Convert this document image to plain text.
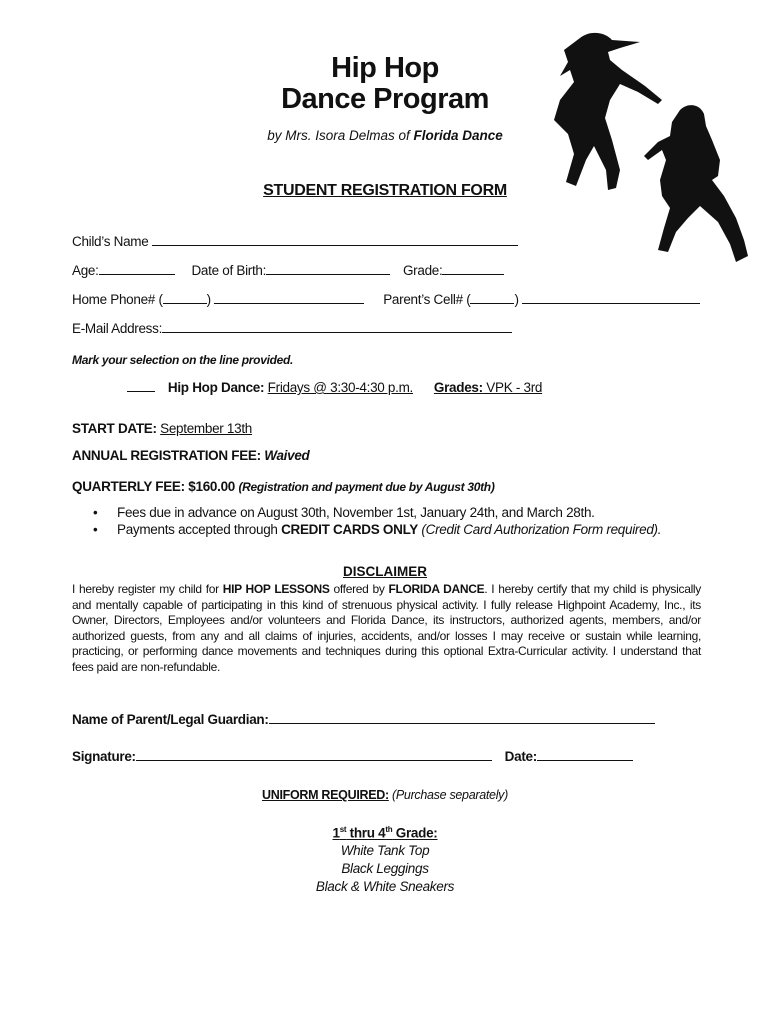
Hip Hop
Dance Program
by Mrs. Isora Delmas of Florida Dance
STUDENT REGISTRATION FORM
Child’s Name
Age:	Date of Birth:	Grade:
Home Phone# (	)	Parent’s Cell# (	)
E-Mail Address:
Mark your selection on the line provided.
Hip Hop Dance: Fridays @ 3:30-4:30 p.m. Grades: VPK - 3rd
START DATE: September 13th
ANNUAL REGISTRATION FEE: Waived
QUARTERLY FEE: $160.00 (Registration and payment due by August 30th)
• Fees due in advance on August 30th, November 1st, January 24th, and March 28th.
• Payments accepted through CREDIT CARDS ONLY (Credit Card Authorization Form required).
DISCLAIMER
I hereby register my child for HIP HOP LESSONS offered by FLORIDA DANCE. I hereby certify that my child is physically and mentally capable of participating in this kind of strenuous physical activity. I fully release Highpoint Academy, Inc., its Owner, Directors, Employees and/or volunteers and Florida Dance, its instructors, authorized agents, members, and/or authorized guests, from any and all claims of injuries, accidents, and/or losses I may receive or sustain while learning, practicing, or performing dance movements and techniques during this optional Extra-Curricular activity. I understand that fees paid are non-refundable.
Name of Parent/Legal Guardian:
Signature:	Date:
UNIFORM REQUIRED: (Purchase separately)
1st thru 4th Grade:
White Tank Top
Black Leggings
Black & White Sneakers
